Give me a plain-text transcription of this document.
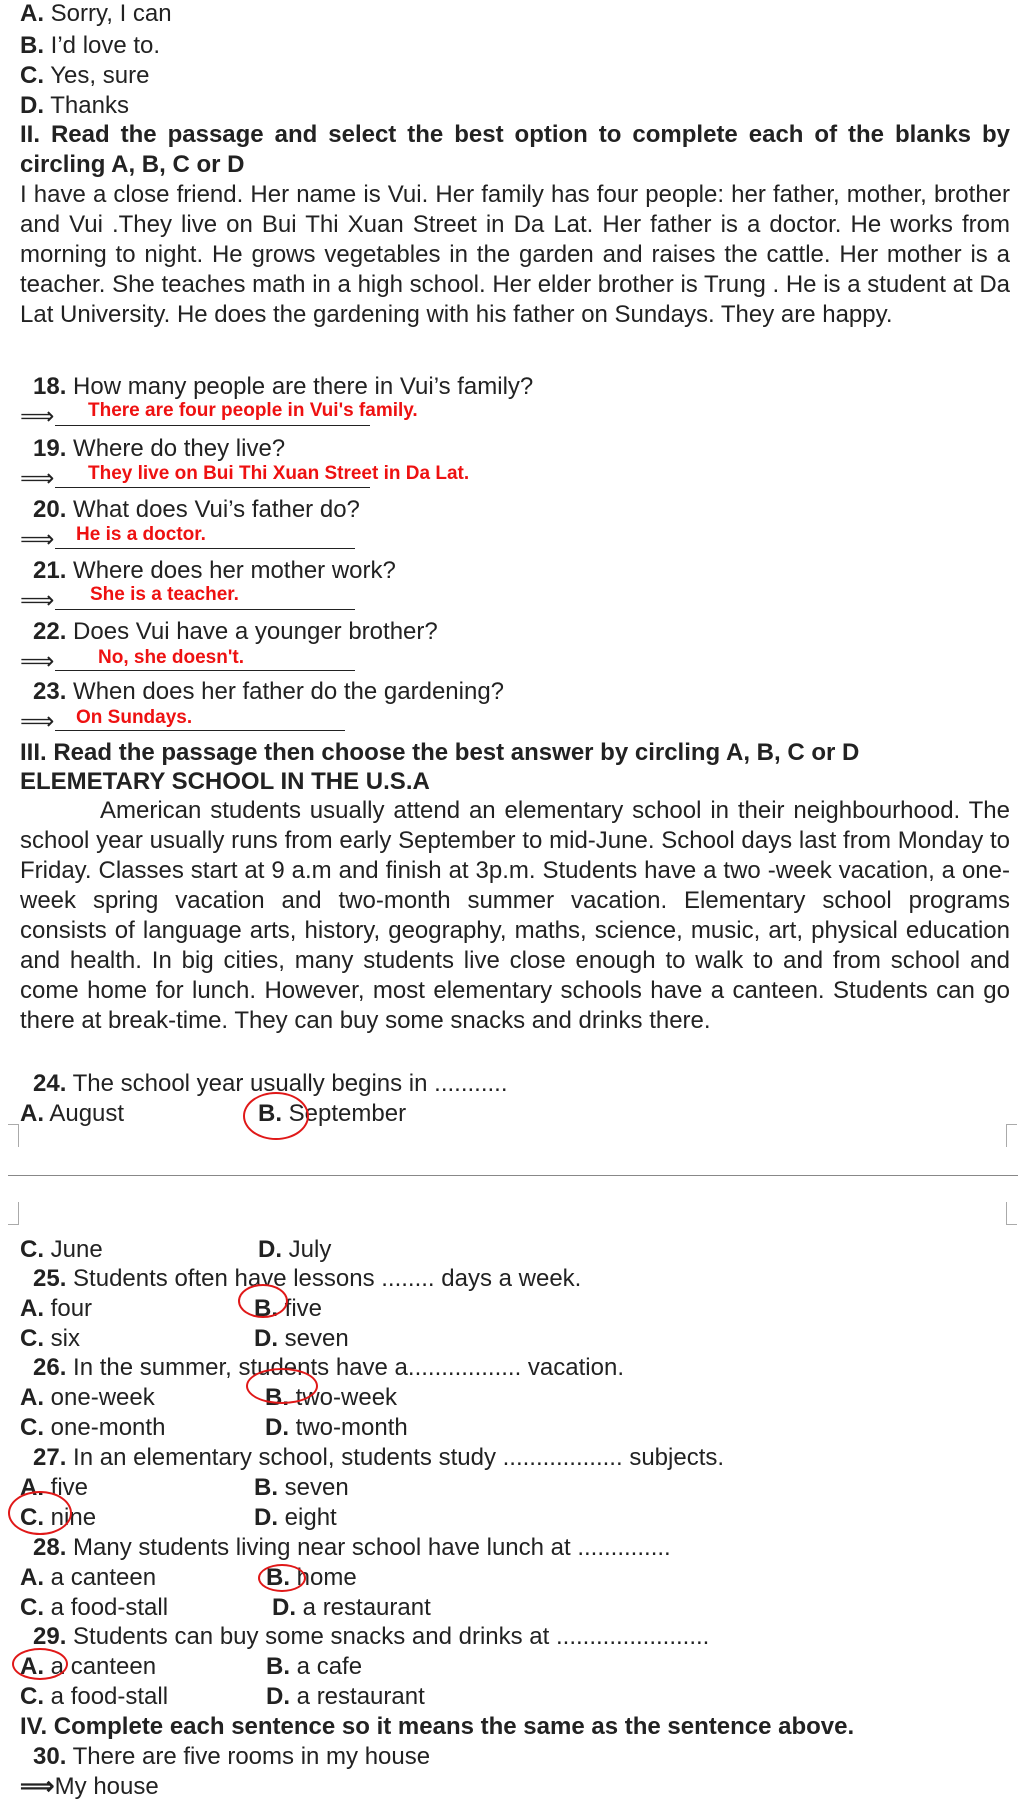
A. Sorry, I can
B. I’d love to.
C. Yes, sure
D. Thanks
II. Read the passage and select the best option to complete each of the blanks by circling A, B, C or D
I have a close friend. Her name is Vui. Her family has four people: her father, mother, brother and Vui .They live on Bui Thi Xuan Street in Da Lat. Her father is a doctor. He works from morning to night. He grows vegetables in the garden and raises the cattle. Her mother is a teacher. She teaches math in a high school. Her elder brother is Trung . He is a student at Da Lat University. He does the gardening with his father on Sundays. They are happy.
18. How many people are there in Vui’s family?
⟹ There are four people in Vui's family.
19. Where do they live?
⟹ They live on Bui Thi Xuan Street in Da Lat.
20. What does Vui’s father do?
⟹ He is a doctor.
21. Where does her mother work?
⟹ She is a teacher.
22. Does Vui have a younger brother?
⟹ No, she doesn't.
23. When does her father do the gardening?
⟹ On Sundays.
III. Read the passage then choose the best answer by circling A, B, C or D
ELEMETARY SCHOOL IN THE U.S.A
American students usually attend an elementary school in their neighbourhood. The school year usually runs from early September to mid-June. School days last from Monday to Friday. Classes start at 9 a.m and finish at 3p.m. Students have a two -week vacation, a one-week spring vacation and two-month summer vacation. Elementary school programs consists of language arts, history, geography, maths, science, music, art, physical education and health. In big cities, many students live close enough to walk to and from school and come home for lunch. However, most elementary schools have a canteen. Students can go there at break-time. They can buy some snacks and drinks there.
24. The school year usually begins in ...........
A. August	B. September
C. June	D. July
25. Students often have lessons ........ days a week.
A. four	B. five
C. six	D. seven
26. In the summer, students have a................. vacation.
A. one-week	B. two-week
C. one-month	D. two-month
27. In an elementary school, students study .................. subjects.
A. five	B. seven
C. nine	D. eight
28. Many students living near school have lunch at ..............
A. a canteen	B. home
C. a food-stall	D. a restaurant
29. Students can buy some snacks and drinks at .......................
A. a canteen	B. a cafe
C. a food-stall	D. a restaurant
IV. Complete each sentence so it means the same as the sentence above.
30. There are five rooms in my house
⟹ My house
